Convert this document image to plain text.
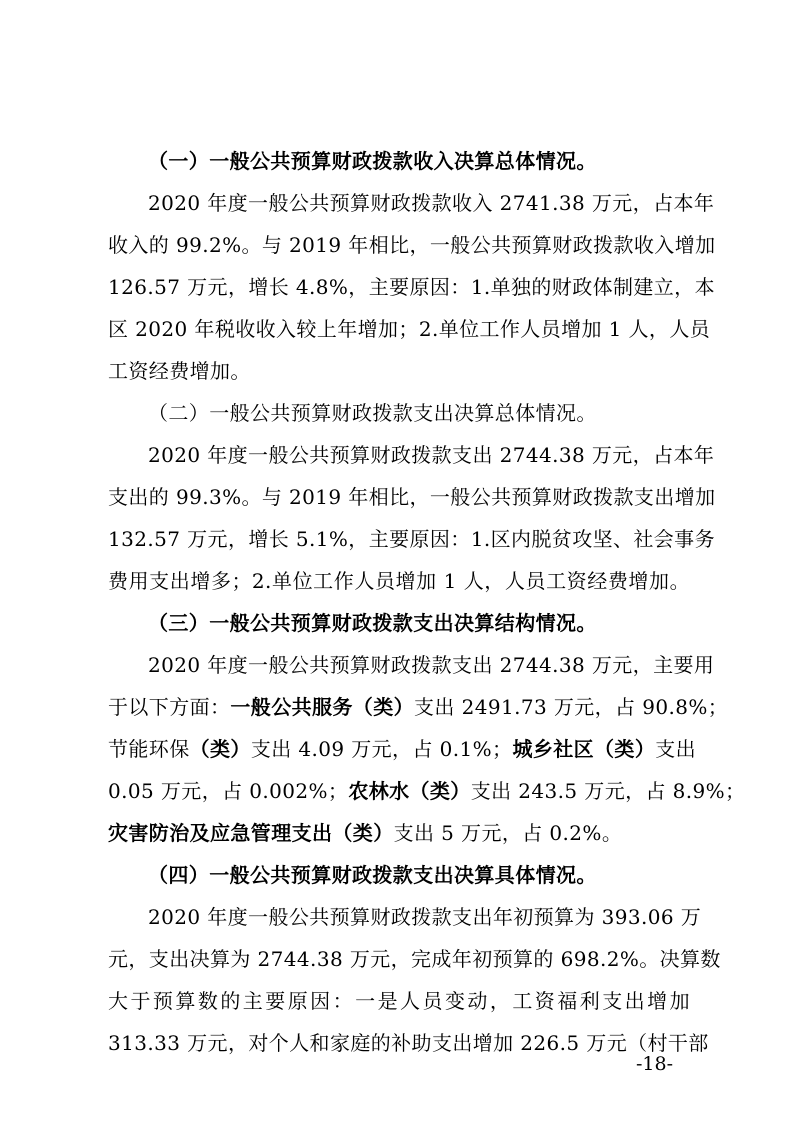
（一）一般公共预算财政拨款收入决算总体情况。
2020 年度一般公共预算财政拨款收入 2741.38 万元，占本年
收入的 99.2%。与 2019 年相比，一般公共预算财政拨款收入增加
126.57 万元，增长 4.8%，主要原因：1.单独的财政体制建立，本
区 2020 年税收收入较上年增加；2.单位工作人员增加 1 人，人员
工资经费增加。
（二）一般公共预算财政拨款支出决算总体情况。
2020 年度一般公共预算财政拨款支出 2744.38 万元，占本年
支出的 99.3%。与 2019 年相比，一般公共预算财政拨款支出增加
132.57 万元，增长 5.1%，主要原因：1.区内脱贫攻坚、社会事务
费用支出增多；2.单位工作人员增加 1 人，人员工资经费增加。
（三）一般公共预算财政拨款支出决算结构情况。
2020 年度一般公共预算财政拨款支出 2744.38 万元，主要用
于以下方面：一般公共服务（类）支出 2491.73 万元，占 90.8%；
节能环保（类）支出 4.09 万元，占 0.1%；城乡社区（类）支出
0.05 万元，占 0.002%；农林水（类）支出 243.5 万元，占 8.9%；
灾害防治及应急管理支出（类）支出 5 万元，占 0.2%。
（四）一般公共预算财政拨款支出决算具体情况。
2020 年度一般公共预算财政拨款支出年初预算为 393.06 万
元，支出决算为 2744.38 万元，完成年初预算的 698.2%。决算数
大于预算数的主要原因：一是人员变动，工资福利支出增加
313.33 万元，对个人和家庭的补助支出增加 226.5 万元（村干部
-18-
